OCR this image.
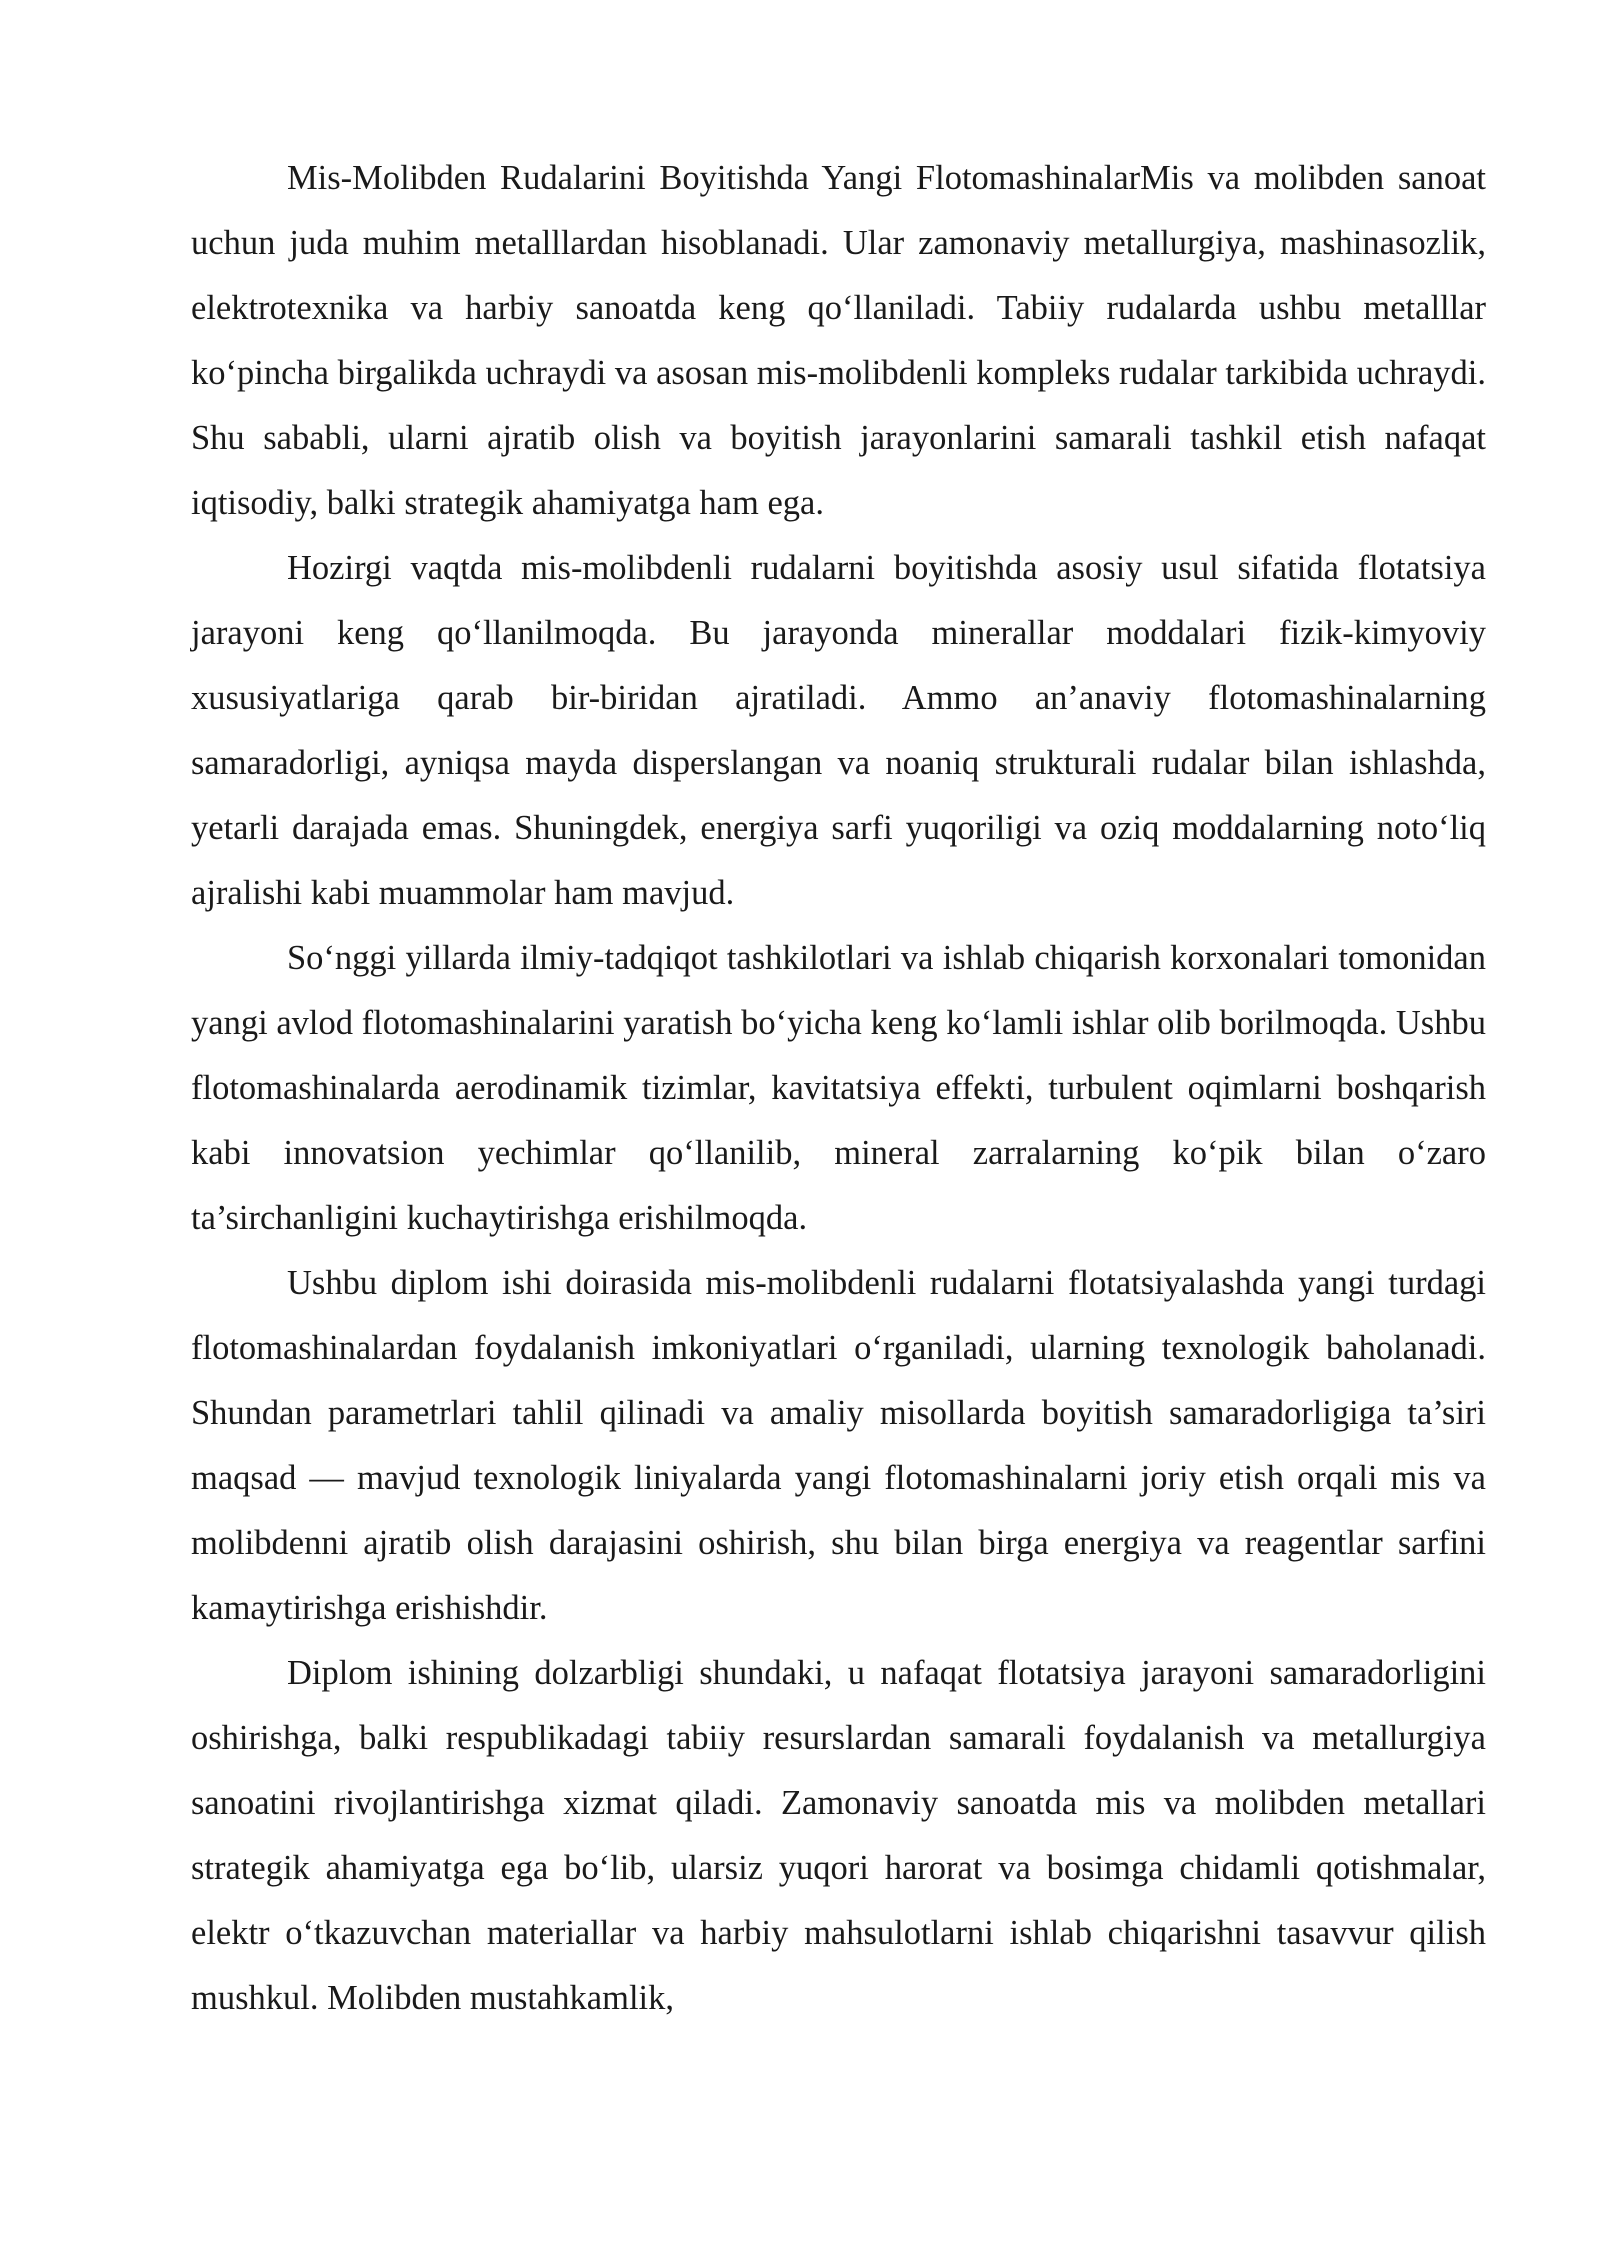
Mis-Molibden Rudalarini Boyitishda Yangi FlotomashinalarMis va molibden sanoat uchun juda muhim metalllardan hisoblanadi. Ular zamonaviy metallurgiya, mashinasozlik, elektrotexnika va harbiy sanoatda keng qo‘llaniladi. Tabiiy rudalarda ushbu metalllar ko‘pincha birgalikda uchraydi va asosan mis-molibdenli kompleks rudalar tarkibida uchraydi. Shu sababli, ularni ajratib olish va boyitish jarayonlarini samarali tashkil etish nafaqat iqtisodiy, balki strategik ahamiyatga ham ega.

Hozirgi vaqtda mis-molibdenli rudalarni boyitishda asosiy usul sifatida flotatsiya jarayoni keng qo‘llanilmoqda. Bu jarayonda minerallar moddalari fizik-kimyoviy xususiyatlariga qarab bir-biridan ajratiladi. Ammo an’anaviy flotomashinalarning samaradorligi, ayniqsa mayda disperslangan va noaniq strukturali rudalar bilan ishlashda, yetarli darajada emas. Shuningdek, energiya sarfi yuqoriligi va oziq moddalarning noto‘liq ajralishi kabi muammolar ham mavjud.

So‘nggi yillarda ilmiy-tadqiqot tashkilotlari va ishlab chiqarish korxonalari tomonidan yangi avlod flotomashinalarini yaratish bo‘yicha keng ko‘lamli ishlar olib borilmoqda. Ushbu flotomashinalarda aerodinamik tizimlar, kavitatsiya effekti, turbulent oqimlarni boshqarish kabi innovatsion yechimlar qo‘llanilib, mineral zarralarning ko‘pik bilan o‘zaro ta’sirchanligini kuchaytirishga erishilmoqda.

Ushbu diplom ishi doirasida mis-molibdenli rudalarni flotatsiyalashda yangi turdagi flotomashinalardan foydalanish imkoniyatlari o‘rganiladi, ularning texnologik baholanadi. Shundan parametrlari tahlil qilinadi va amaliy misollarda boyitish samaradorligiga ta’siri maqsad — mavjud texnologik liniyalarda yangi flotomashinalarni joriy etish orqali mis va molibdenni ajratib olish darajasini oshirish, shu bilan birga energiya va reagentlar sarfini kamaytirishga erishishdir.

Diplom ishining dolzarbligi shundaki, u nafaqat flotatsiya jarayoni samaradorligini oshirishga, balki respublikadagi tabiiy resurslardan samarali foydalanish va metallurgiya sanoatini rivojlantirishga xizmat qiladi. Zamonaviy sanoatda mis va molibden metallari strategik ahamiyatga ega bo‘lib, ularsiz yuqori harorat va bosimga chidamli qotishmalar, elektr o‘tkazuvchan materiallar va harbiy mahsulotlarni ishlab chiqarishni tasavvur qilish mushkul. Molibden mustahkamlik,
